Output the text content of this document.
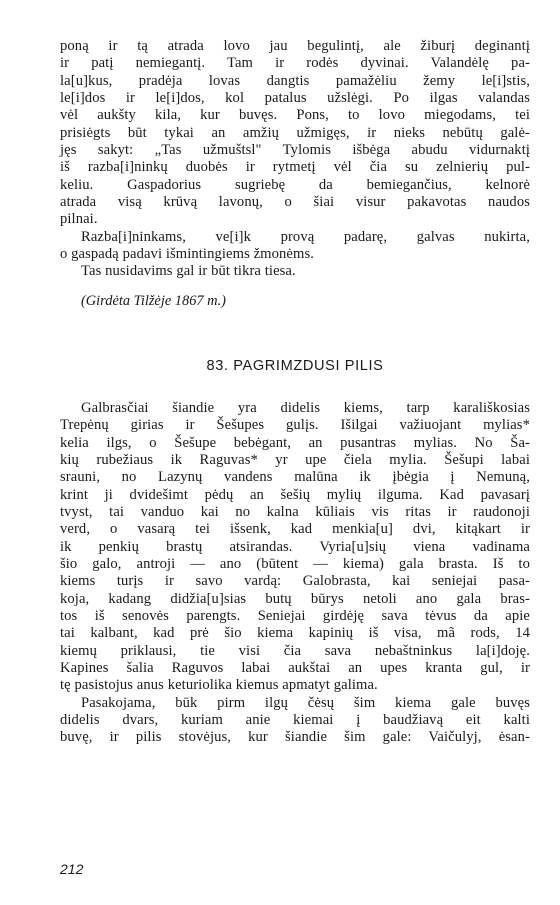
poną ir tą atrada lovo jau begulintį, ale žiburį deginantį
ir patį nemiegantį. Tam ir rodės dyvinai. Valandėlę pa-
la[u]kus, pradėja lovas dangtis pamažėliu žemy le[i]stis,
le[i]dos ir le[i]dos, kol patalus užslėgi. Po ilgas valandas
vėl aukšty kila, kur buvęs. Pons, to lovo miegodams, tei
prisiėgts būt tykai an amžių užmigęs, ir nieks nebūtų galė-
jęs sakyt: „Tas užmuštsl" Tylomis išbėga abudu vidurnaktį
iš razba[i]ninkų duobės ir rytmetį vėl čia su zelnierių pul-
keliu. Gaspadorius sugriebę da bemiegančius, kelnorė
atrada visą krūvą lavonų, o šiai visur pakavotas naudos
pilnai.
Razba[i]ninkams, ve[i]k provą padarę, galvas nukirta,
o gaspadą padavi išmintingiems žmonėms.
Tas nusidavims gal ir būt tikra tiesa.
(Girdėta Tilžėje 1867 m.)
83. PAGRIMZDUSI PILIS
Galbrasčiai šiandie yra didelis kiems, tarp karališkosias
Trepėnų girias ir Šešupes gulįs. Išilgai važiuojant mylias*
kelia ilgs, o Šešupe bebėgant, an pusantras mylias. No Ša-
kių rubežiaus ik Raguvas* yr upe čiela mylia. Šešupi labai
srauni, no Lazynų vandens malūna ik įbėgia į Nemuną,
krint ji dvidešimt pėdų an šešių mylių ilguma. Kad pavasarį
tvyst, tai vanduo kai no kalna kūliais vis ritas ir raudonoji
verd, o vasarą tei išsenk, kad menkia[u] dvi, kitąkart ir
ik penkių brastų atsirandas. Vyria[u]sių viena vadinama
šio galo, antroji — ano (būtent — kiema) gala brasta. Iš to
kiems turįs ir savo vardą: Galobrasta, kai seniejai pasa-
koja, kadang didžia[u]sias butų būrys netoli ano gala bras-
tos iš senovės parengts. Seniejai girdėję sava tėvus da apie
tai kalbant, kad prė šio kiema kapinių iš visa, mã rods, 14
kiemų priklausi, tie visi čia sava nebaštninkus la[i]doję.
Kapines šalia Raguvos labai aukštai an upes kranta gul, ir
tę pasistojus anus keturiolika kiemus apmatyt galima.
Pasakojama, būk pirm ilgų čėsų šim kiema gale buvęs
didelis dvars, kuriam anie kiemai į baudžiavą eit kalti
buvę, ir pilis stovėjus, kur šiandie šim gale: Vaičulyj, ėsan-
212
